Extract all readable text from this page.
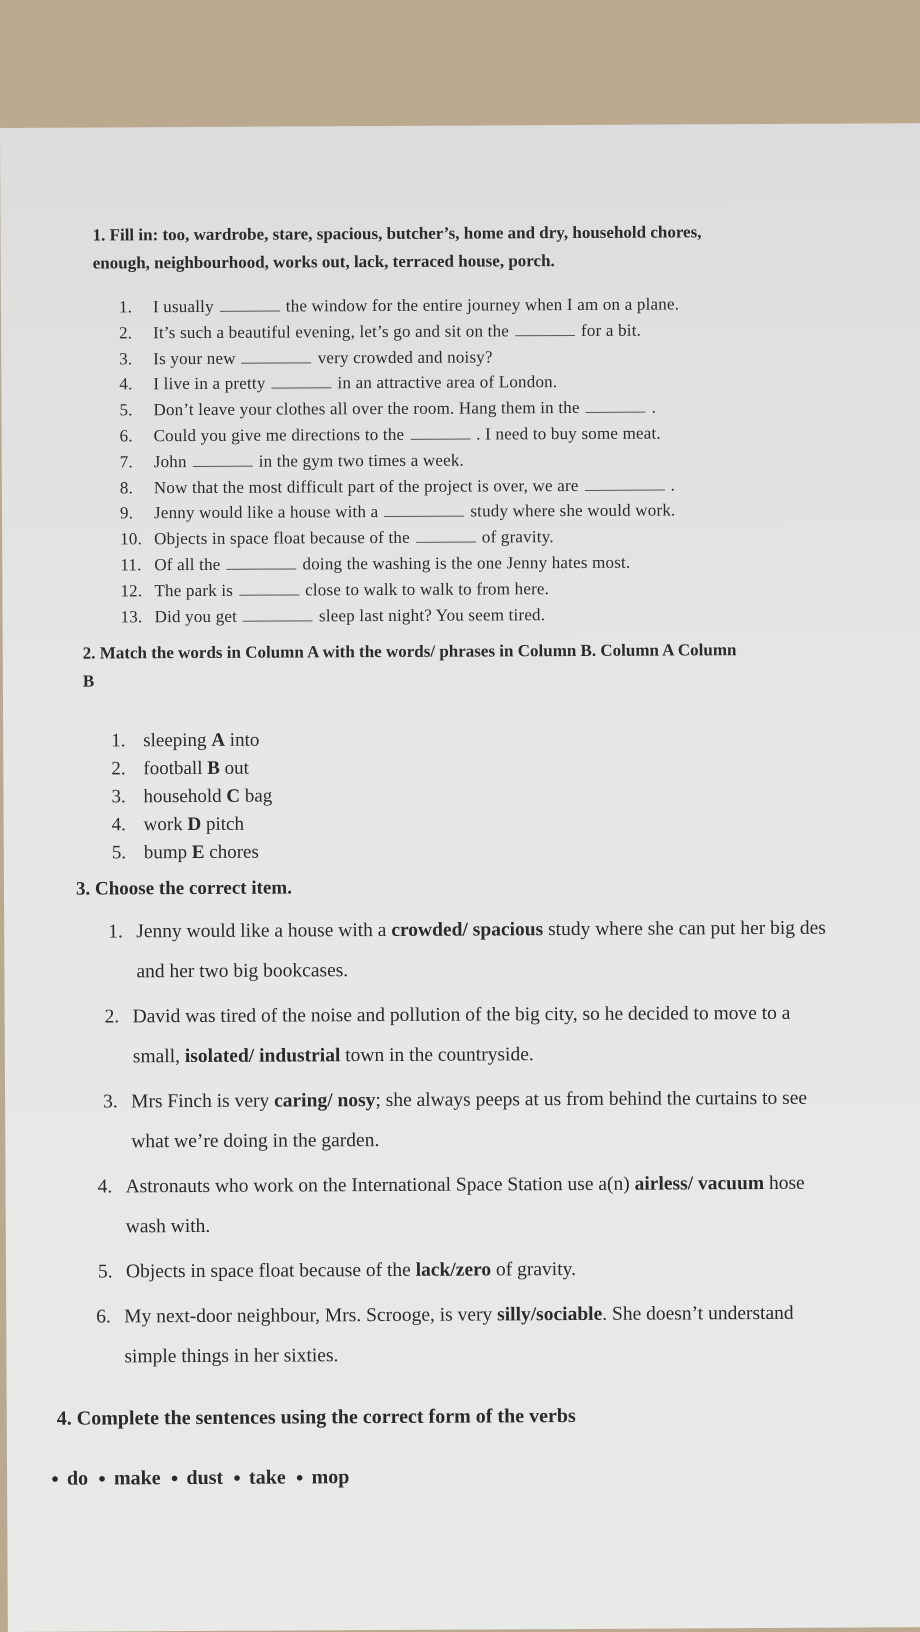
1. Fill in: too, wardrobe, stare, spacious, butcher’s, home and dry, household chores,
enough, neighbourhood, works out, lack, terraced house, porch.
1. I usually	the window for the entire journey when I am on a plane.
2. It’s such a beautiful evening, let’s go and sit on the	for a bit.
3. Is your new	very crowded and noisy?
4. I live in a pretty	in an attractive area of London.
5. Don’t leave your clothes all over the room. Hang them in the	.
6. Could you give me directions to the	. I need to buy some meat.
7. John	in the gym two times a week.
8. Now that the most difficult part of the project is over, we are	.
9. Jenny would like a house with a	study where she would work.
10. Objects in space float because of the	of gravity.
11. Of all the	doing the washing is the one Jenny hates most.
12. The park is	close to walk to walk to from here.
13. Did you get	sleep last night? You seem tired.
2. Match the words in Column A with the words/ phrases in Column B. Column A Column
B
1. sleeping A into
2. football B out
3. household C bag
4. work D pitch
5. bump E chores
3. Choose the correct item.
1. Jenny would like a house with a crowded/ spacious study where she can put her big des
and her two big bookcases.
2. David was tired of the noise and pollution of the big city, so he decided to move to a
small, isolated/ industrial town in the countryside.
3. Mrs Finch is very caring/ nosy; she always peeps at us from behind the curtains to see
what we’re doing in the garden.
4. Astronauts who work on the International Space Station use a(n) airless/ vacuum hose
wash with.
5. Objects in space float because of the lack/zero of gravity.
6. My next-door neighbour, Mrs. Scrooge, is very silly/sociable. She doesn’t understand
simple things in her sixties.
4. Complete the sentences using the correct form of the verbs
● do ● make ● dust ● take ● mop
